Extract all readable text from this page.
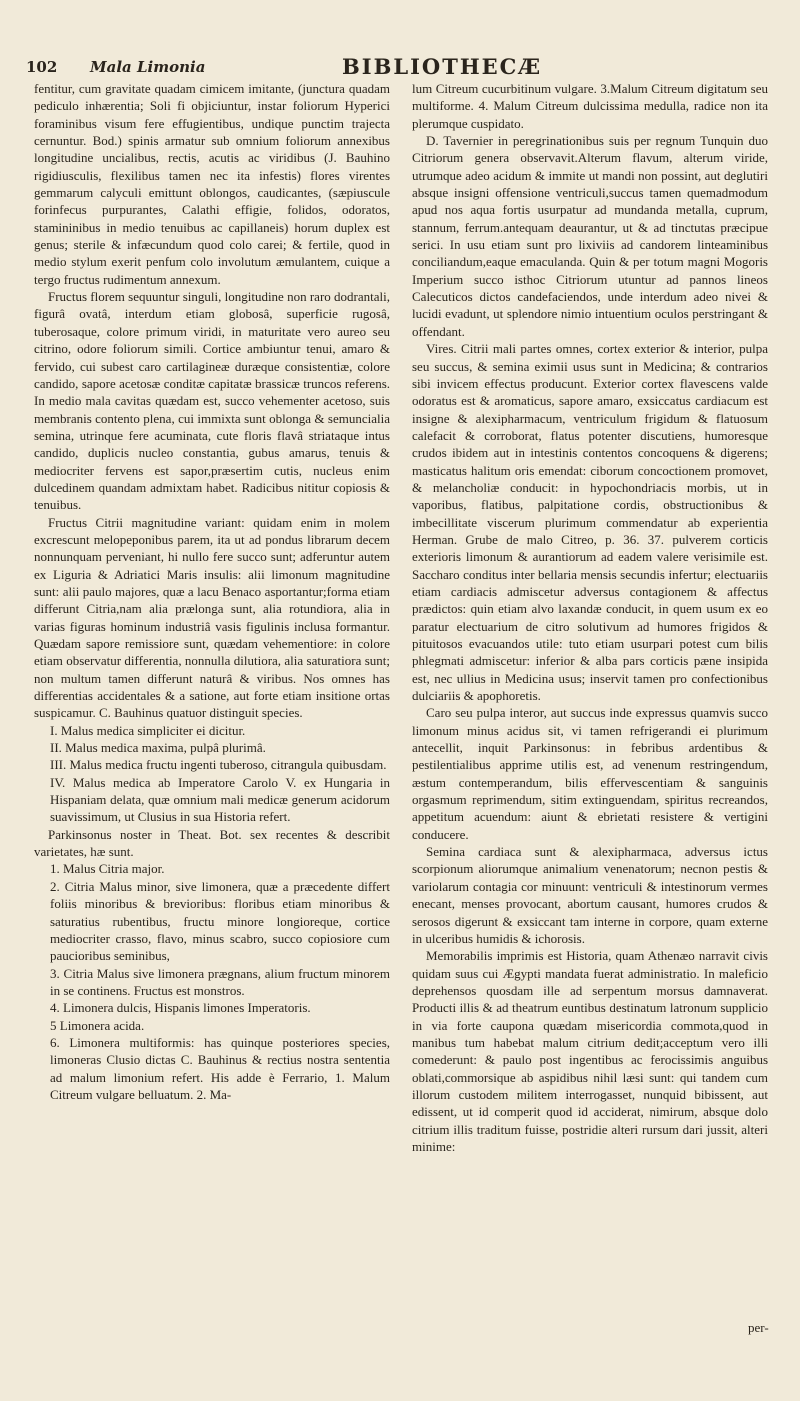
102 Mala Limonia	BIBLIOTHECÆ

fentitur, cum gravitate quadam cimicem imitante, (junctura quadam pediculo inhærentia; Soli fi objiciuntur, instar foliorum Hyperici foraminibus visum fere effugientibus, undique punctim trajecta cernuntur. Bod.) spinis armatur sub omnium foliorum annexibus longitudine uncialibus, rectis, acutis ac viridibus (J. Bauhino rigidiusculis, flexilibus tamen nec ita infestis) flores virentes gemmarum calyculi emittunt oblongos, caudicantes, (sæpiusculе forinfecus purpurantes, Calathi effigie, folidos, odoratos, stamininibus in medio tenuibus ac capillaneis) horum duplex est genus; sterile & infæcundum quod colo carei; & fertile, quod in medio stylum exerit penfum colo involutum æmulantem, cuique a tergo fructus rudimentum annexum.

Fructus florem sequuntur singuli, longitudine non raro dodrantali, figurâ ovatâ, interdum etiam globosâ, superficie rugosâ, tuberosaque, colore primum viridi, in maturitate vero aureo seu citrino, odore foliorum simili. Cortice ambiuntur tenui, amaro & fervido, cui subest caro cartilagineæ duræque consistentiæ, colore candido, sapore acetosæ conditæ capitatæ brassicæ truncos referens. In medio mala cavitas quædam est, succo vehementer acetoso, suis membranis contento plena, cui immixta sunt oblonga & semuncialia semina, utrinque fere acuminata, cute floris flavâ striataque intus candido, duplicis nucleo constantia, gubus amarus, tenuis & mediocriter fervens est sapor,præsertim cutis, nucleus enim dulcedinem quandam admixtam habet. Radicibus nititur copiosis & tenuibus.

Fructus Citrii magnitudine variant: quidam enim in molem excrescunt melopeponibus parem, ita ut ad pondus librarum decem nonnunquam perveniant, hi nullo fere succo sunt; adferuntur autem ex Liguria & Adriatici Maris insulis: alii limonum magnitudine sunt: alii paulo majores, quæ a lacu Benaco asportantur;forma etiam differunt Citria,nam alia prælonga sunt, alia rotundiora, alia in varias figuras hominum industriâ vasis figulinis inclusa formantur. Quædam sapore remissiore sunt, quædam vehementiore: in colore etiam observatur differentia, nonnulla dilutiora, alia saturatiora sunt; non multum tamen differunt naturâ & viribus. Nos omnes has differentias accidentales & a satione, aut forte etiam insitione ortas suspicamur. C. Bauhinus quatuor distinguit species.

I. Malus medica simpliciter ei dicitur.

II. Malus medica maxima, pulpâ plurimâ.

III. Malus medica fructu ingenti tuberoso, citrangula quibusdam.

IV. Malus medica ab Imperatore Carolo V. ex Hungaria in Hispaniam delata, quæ omnium mali medicæ generum acidorum suavissimum, ut Clusius in sua Historia refert.

Parkinsonus noster in Theat. Bot. sex recentes & describit varietates, hæ sunt.

1. Malus Citria major.

2. Citria Malus minor, sive limonera, quæ a præcedente differt foliis minoribus & brevioribus: floribus etiam minoribus & saturatius rubentibus, fructu minore longioreque, cortice mediocriter crasso, flavo, minus scabro, succo copiosiore cum paucioribus seminibus,

3. Citria Malus sive limonera prægnans, alium fructum minorem in se continens. Fructus est monstros.

4. Limonera dulcis, Hispanis limones Imperatoris.

5 Limonera acida.

6. Limonera multiformis: has quinque posteriores species, limoneras Clusio dictas C. Bauhinus & rectius nostra sententia ad malum limonium refert. His adde è Ferrario, 1. Malum Citreum vulgare belluatum. 2. Ma-

lum Citreum cucurbitinum vulgare. 3.Malum Citreum digitatum seu multiforme. 4. Malum Citreum dulcissima medulla, radice non ita plerumque cuspidato.

D. Tavernier in peregrinationibus suis per regnum Tunquin duo Citriorum genera observavit.Alterum flavum, alterum viride, utrumque adeo acidum & immite ut mandi non possint, aut deglutiri absque insigni offensione ventriculi,succus tamen quemadmodum apud nos aqua fortis usurpatur ad mundanda metalla, cuprum, stannum, ferrum.antequam deaurantur, ut & ad tinctutas præcipue serici. In usu etiam sunt pro lixiviis ad candorem linteaminibus conciliandum,eaque emaculanda. Quin & per totum magni Mogoris Imperium succo isthoc Citriorum utuntur ad pannos lineos Calecuticos dictos candefaciendos, unde interdum adeo nivei & lucidi evadunt, ut splendore nimio intuentium oculos perstringant & offendant.

Vires. Citrii mali partes omnes, cortex exterior & interior, pulpa seu succus, & semina eximii usus sunt in Medicina; & contrarios sibi invicem effectus producunt. Exterior cortex flavescens valde odoratus est & aromaticus, sapore amaro, exsiccatus cardiacum est insigne & alexipharmacum, ventriculum frigidum & flatuosum calefacit & corroborat, flatus potenter discutiens, humoresque crudos ibidem aut in intestinis contentos concoquens & digerens; masticatus halitum oris emendat: ciborum concoctionem promovet, & melancholiæ conducit: in hypochondriacis morbis, ut in vaporibus, flatibus, palpitatione cordis, obstructionibus & imbecillitate viscerum plurimum commendatur ab experientia Herman. Grube de malo Citreo, p. 36. 37. pulverem corticis exterioris limonum & aurantiorum ad eadem valere verisimile est. Saccharo conditus inter bellaria mensis secundis infertur; electuariis etiam cardiacis admiscetur adversus contagionem & affectus prædictos: quin etiam alvo laxandæ conducit, in quem usum ex eo paratur electuarium de citro solutivum ad humores frigidos & pituitosos evacuandos utile: tuto etiam usurpari potest cum bilis phlegmati admiscetur: inferior & alba pars corticis pæne insipida est, nec ullius in Medicina usus; inservit tamen pro confectionibus dulciariis & apophoretis.

Caro seu pulpa interor, aut succus inde expressus quamvis succo limonum minus acidus sit, vi tamen refrigerandi ei plurimum antecellit, inquit Parkinsonus: in febribus ardentibus & pestilentialibus apprime utilis est, ad venenum restringendum, æstum contemperandum, bilis effervescentiam & sanguinis orgasmum reprimendum, sitim extinguendam, spiritus recreandos, appetitum acuendum: aiunt & ebrietati resistere & vertigini conducere.

Semina cardiaca sunt & alexipharmaca, adversus ictus scorpionum aliorumque animalium venenatorum; necnon pestis & variolarum contagia cor minuunt: ventriculi & intestinorum vermes enecant, menses provocant, abortum causant, humores crudos & serosos digerunt & exsiccant tam interne in corpore, quam externe in ulceribus humidis & ichorosis.

Memorabilis imprimis est Historia, quam Athenæo narravit civis quidam suus cui Ægypti mandata fuerat administratio. In maleficio deprehensos quosdam ille ad serpentum morsus damnaverat. Producti illis & ad theatrum euntibus destinatum latronum supplicio in via forte caupona quædam misericordia commota,quod in manibus tum habebat malum citrium dedit;acceptum vero illi comederunt: & paulo post ingentibus ac ferocissimis anguibus oblati,commorsique ab aspidibus nihil læsi sunt: qui tandem cum illorum custodem militem interrogasset, nunquid bibissent, aut edissent, ut id comperit quod id acciderat, nimirum, absque dolo citrium illis traditum fuisse, postridie alteri rursum dari jussit, alteri minime:

per-
